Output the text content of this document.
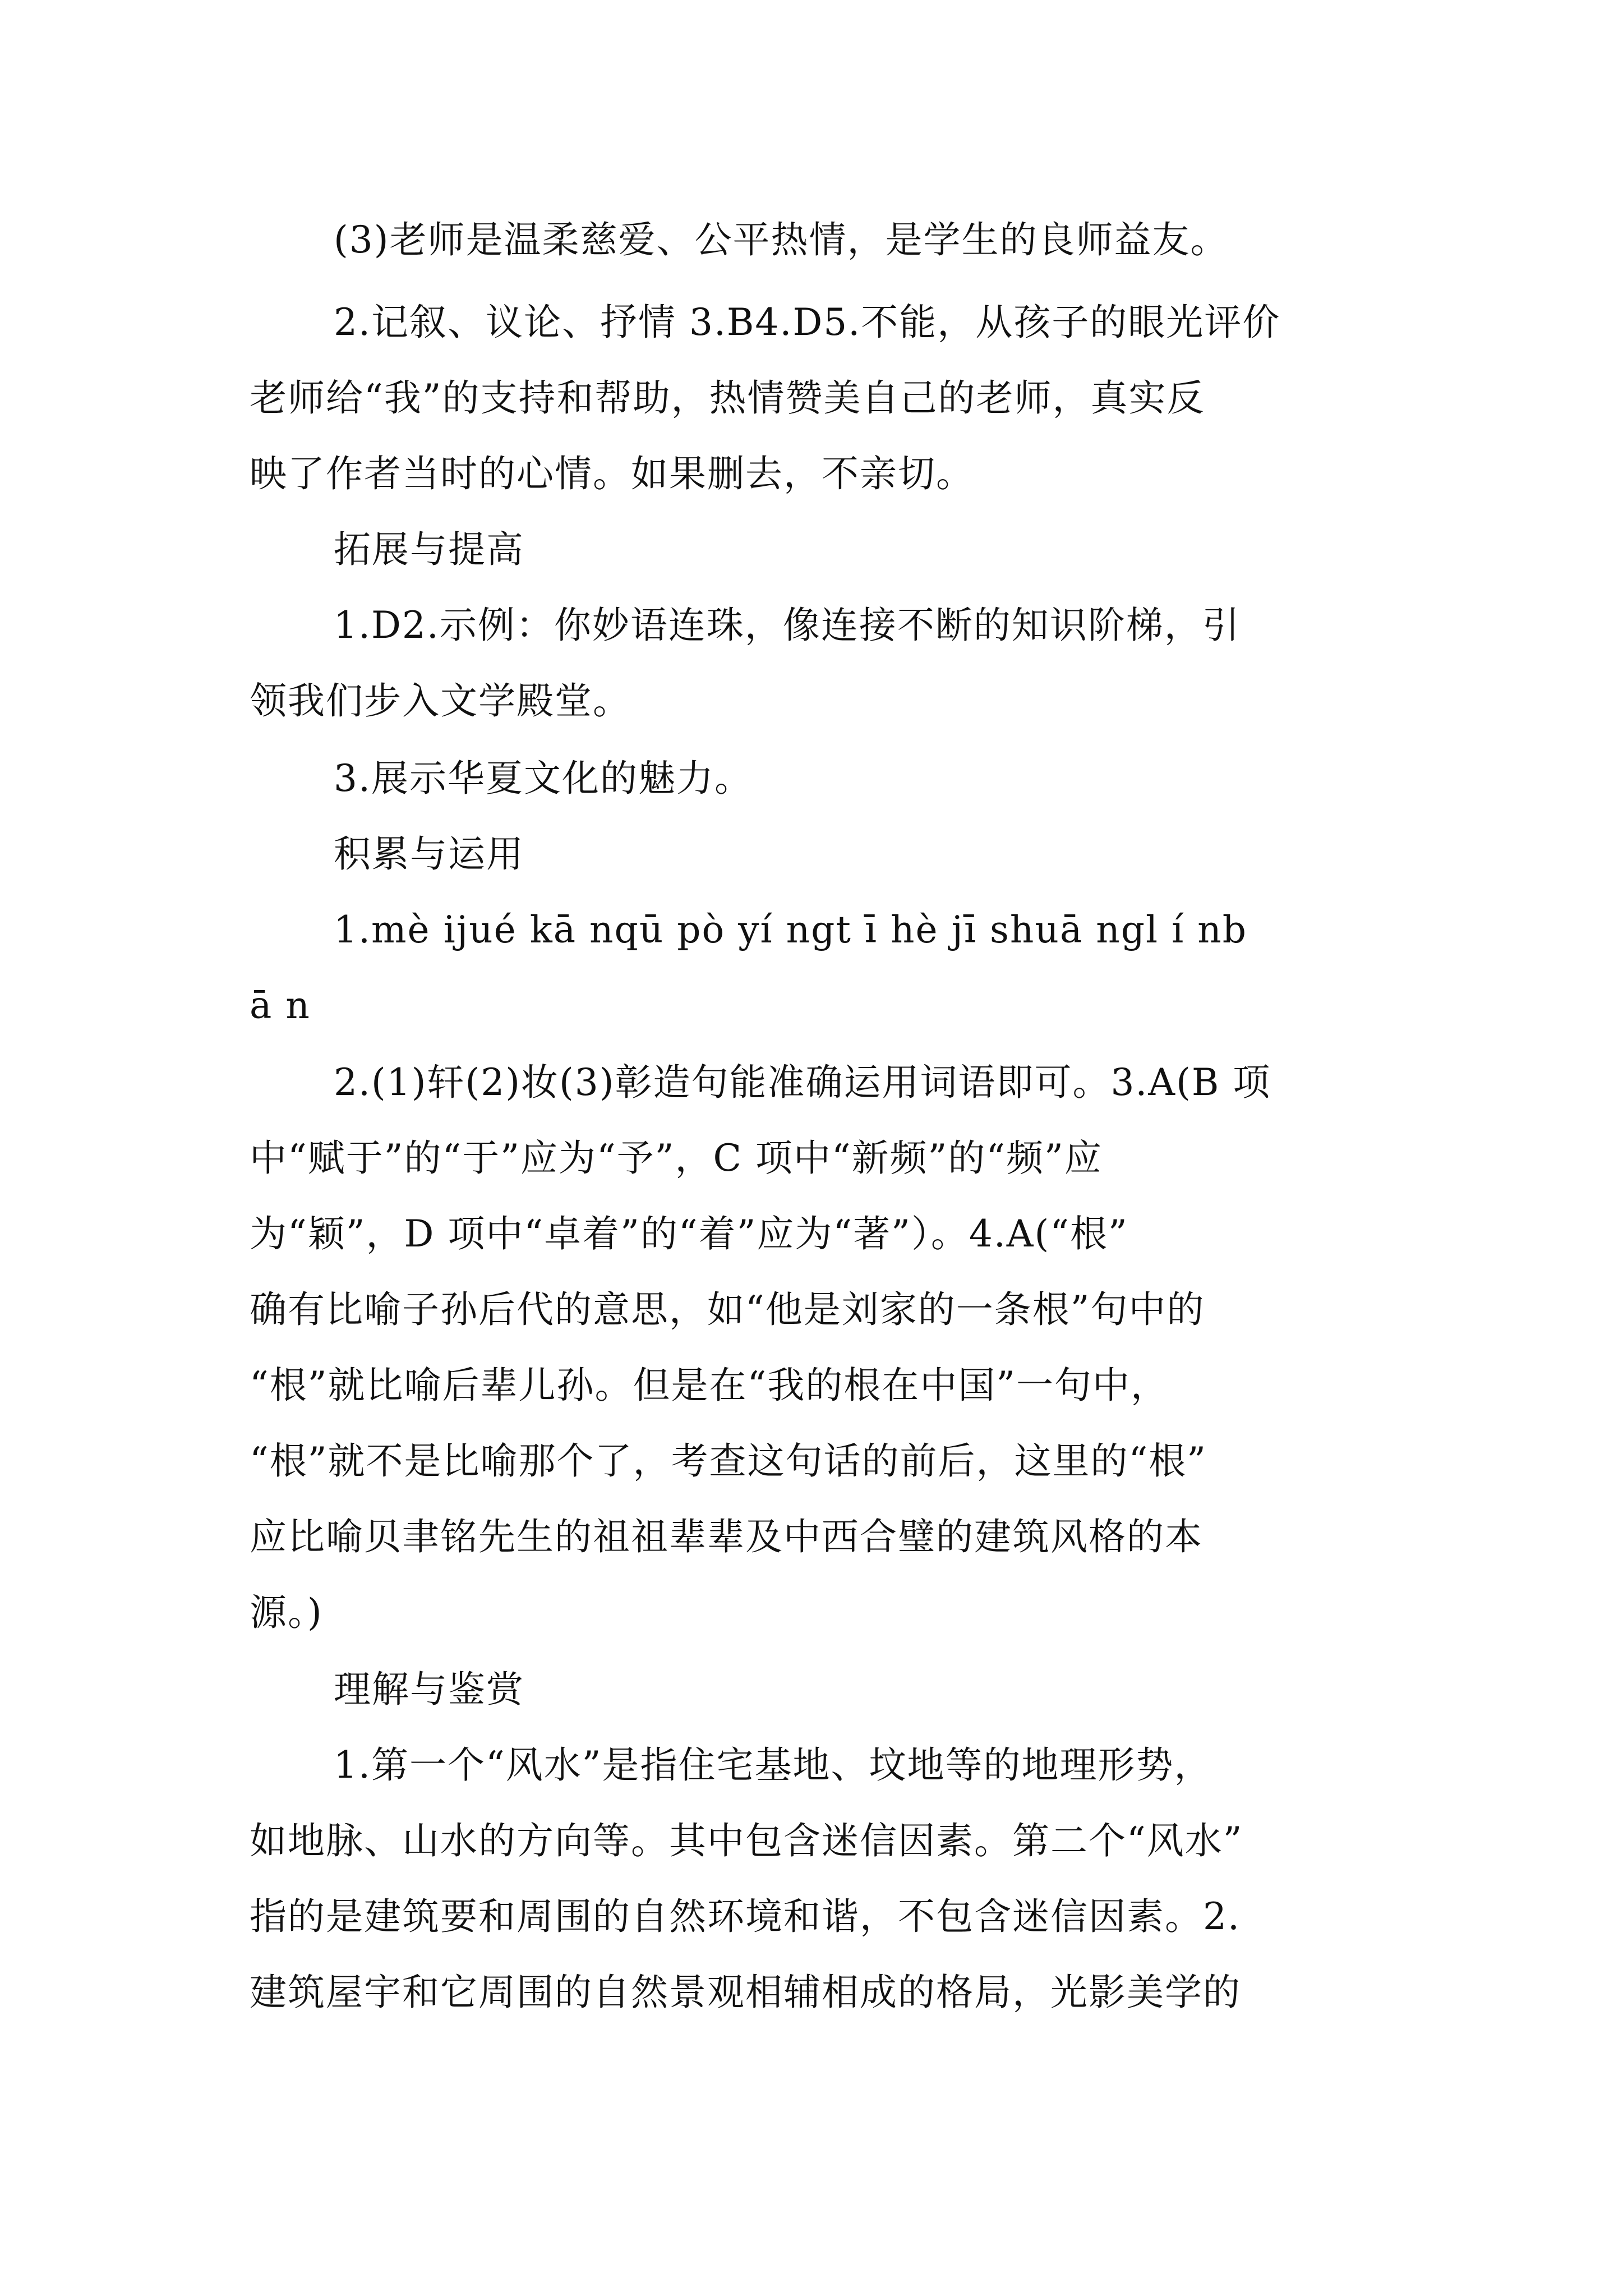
(3)老师是温柔慈爱、公平热情，是学生的良师益友。
2.记叙、议论、抒情 3.B4.D5.不能，从孩子的眼光评价
老师给“我”的支持和帮助，热情赞美自己的老师，真实反
映了作者当时的心情。如果删去，不亲切。
拓展与提高
1.D2.示例：你妙语连珠，像连接不断的知识阶梯，引
领我们步入文学殿堂。
3.展示华夏文化的魅力。
积累与运用
1.mè ijué kā nqū pò yí ngt ī hè jī shuā ngl í nb
ā n
2.(1)轩(2)妆(3)彰造句能准确运用词语即可。3.A(B 项
中“赋于”的“于”应为“予”，C 项中“新频”的“频”应
为“颖”，D 项中“卓着”的“着”应为“著”）。4.A(“根”
确有比喻子孙后代的意思，如“他是刘家的一条根”句中的
“根”就比喻后辈儿孙。但是在“我的根在中国”一句中，
“根”就不是比喻那个了，考查这句话的前后，这里的“根”
应比喻贝聿铭先生的祖祖辈辈及中西合璧的建筑风格的本
源。)
理解与鉴赏
1.第一个“风水”是指住宅基地、坟地等的地理形势，
如地脉、山水的方向等。其中包含迷信因素。第二个“风水”
指的是建筑要和周围的自然环境和谐，不包含迷信因素。2.
建筑屋宇和它周围的自然景观相辅相成的格局，光影美学的
